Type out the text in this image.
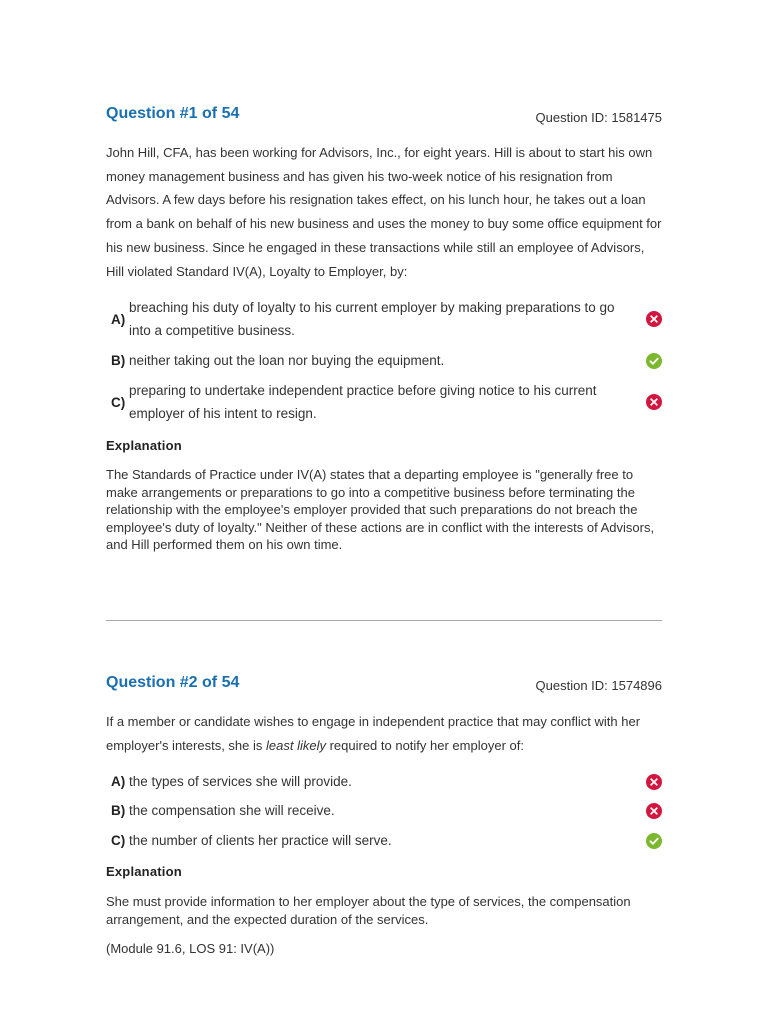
Question #1 of 54	Question ID: 1581475
John Hill, CFA, has been working for Advisors, Inc., for eight years. Hill is about to start his own money management business and has given his two-week notice of his resignation from Advisors. A few days before his resignation takes effect, on his lunch hour, he takes out a loan from a bank on behalf of his new business and uses the money to buy some office equipment for his new business. Since he engaged in these transactions while still an employee of Advisors, Hill violated Standard IV(A), Loyalty to Employer, by:
A)
breaching his duty of loyalty to his current employer by making preparations to go into a competitive business.
B) neither taking out the loan nor buying the equipment.
C)
preparing to undertake independent practice before giving notice to his current employer of his intent to resign.
Explanation
The Standards of Practice under IV(A) states that a departing employee is "generally free to make arrangements or preparations to go into a competitive business before terminating the relationship with the employee's employer provided that such preparations do not breach the employee's duty of loyalty." Neither of these actions are in conflict with the interests of Advisors, and Hill performed them on his own time.
Question #2 of 54	Question ID: 1574896
If a member or candidate wishes to engage in independent practice that may conflict with her employer's interests, she is least likely required to notify her employer of:
A) the types of services she will provide.
B) the compensation she will receive.
C) the number of clients her practice will serve.
Explanation
She must provide information to her employer about the type of services, the compensation arrangement, and the expected duration of the services.
(Module 91.6, LOS 91: IV(A))
